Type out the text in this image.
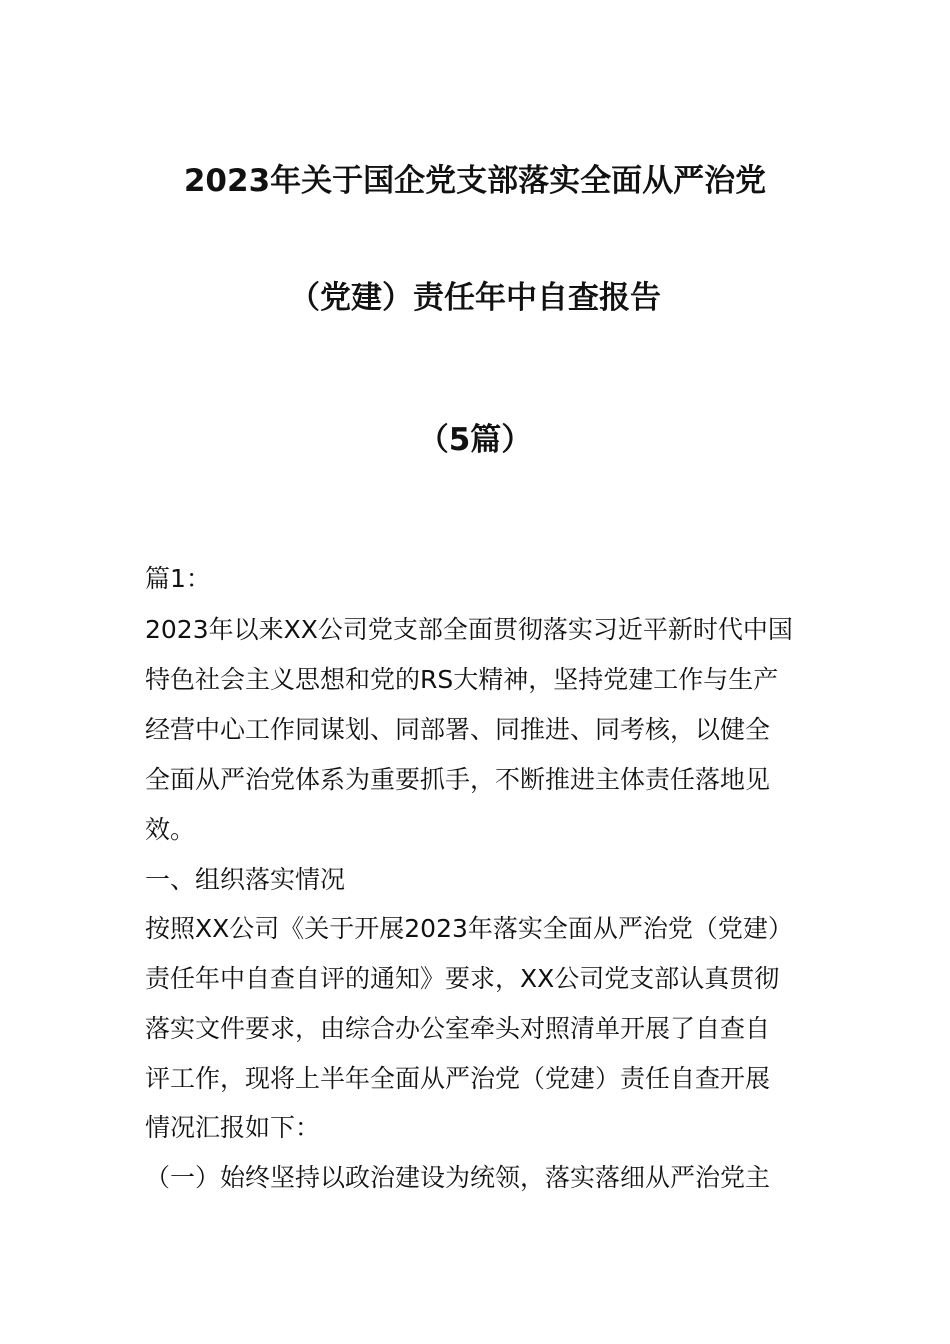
2023年关于国企党支部落实全面从严治党
（党建）责任年中自查报告
（5篇）
篇1：
2023年以来XX公司党支部全面贯彻落实习近平新时代中国
特色社会主义思想和党的RS大精神，坚持党建工作与生产
经营中心工作同谋划、同部署、同推进、同考核，以健全
全面从严治党体系为重要抓手，不断推进主体责任落地见
效。
一、组织落实情况
按照XX公司《关于开展2023年落实全面从严治党（党建）
责任年中自查自评的通知》要求，XX公司党支部认真贯彻
落实文件要求，由综合办公室牵头对照清单开展了自查自
评工作，现将上半年全面从严治党（党建）责任自查开展
情况汇报如下：
（一）始终坚持以政治建设为统领，落实落细从严治党主
